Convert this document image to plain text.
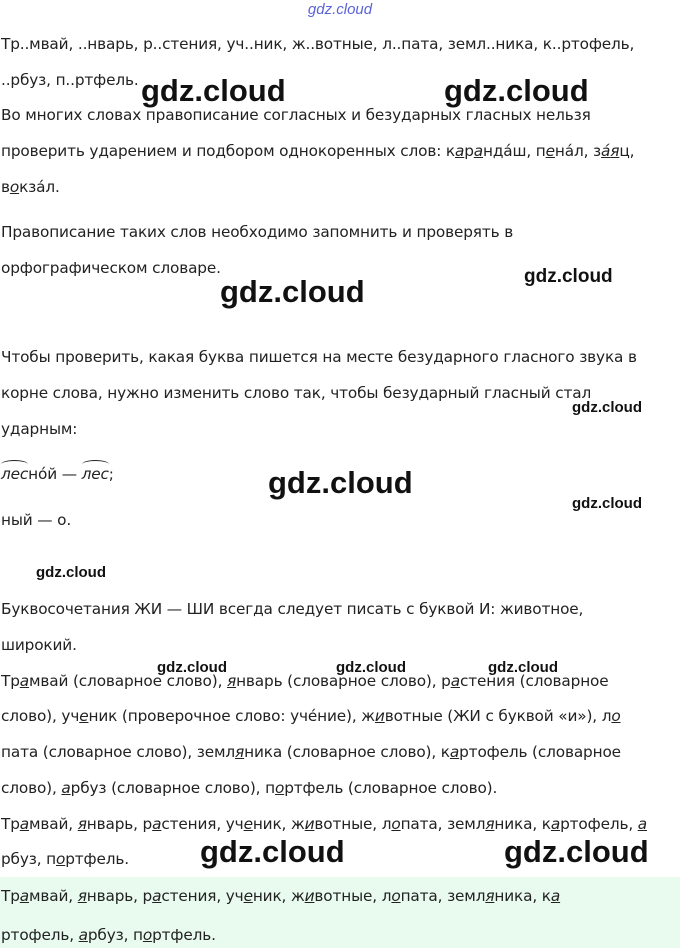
gdz.cloud
Тр..мвай, ..нварь, р..стения, уч..ник, ж..вотные, л..пата, земл..ника, к..ртофель,
..рбуз, п..ртфель.
Во многих словах правописание согласных и безударных гласных нельзя
проверить ударением и подбором однокоренных слов: каранда́ш, пена́л, за́яц,
вокза́л.
Правописание таких слов необходимо запомнить и проверять в
орфографическом словаре.
Чтобы проверить, какая буква пишется на месте безударного гласного звука в
корне слова, нужно изменить слово так, чтобы безударный гласный стал
ударным:
лесно́й —
лес;
ный — о.
Буквосочетания ЖИ — ШИ всегда следует писать с буквой И: животное,
широкий.
Трамвай (словарное слово), январь (словарное слово), растения (словарное
слово), ученик (проверочное слово: уче́ние), животные (ЖИ с буквой «и»), ло
пата (словарное слово), земляника (словарное слово), картофель (словарное
слово), арбуз (словарное слово), портфель (словарное слово).
Трамвай, январь, растения, ученик, животные, лопата, земляника, картофель, а
рбуз, портфель.
Трамвай, январь, растения, ученик, животные, лопата, земляника, ка
ртофель, арбуз, портфель.
gdz.cloud	gdz.cloud
gdz.cloud	gdz.cloud
gdz.cloud
gdz.cloud
gdz.cloud
gdz.cloud
gdz.cloud	gdz.cloud	gdz.cloud
gdz.cloud	gdz.cloud
